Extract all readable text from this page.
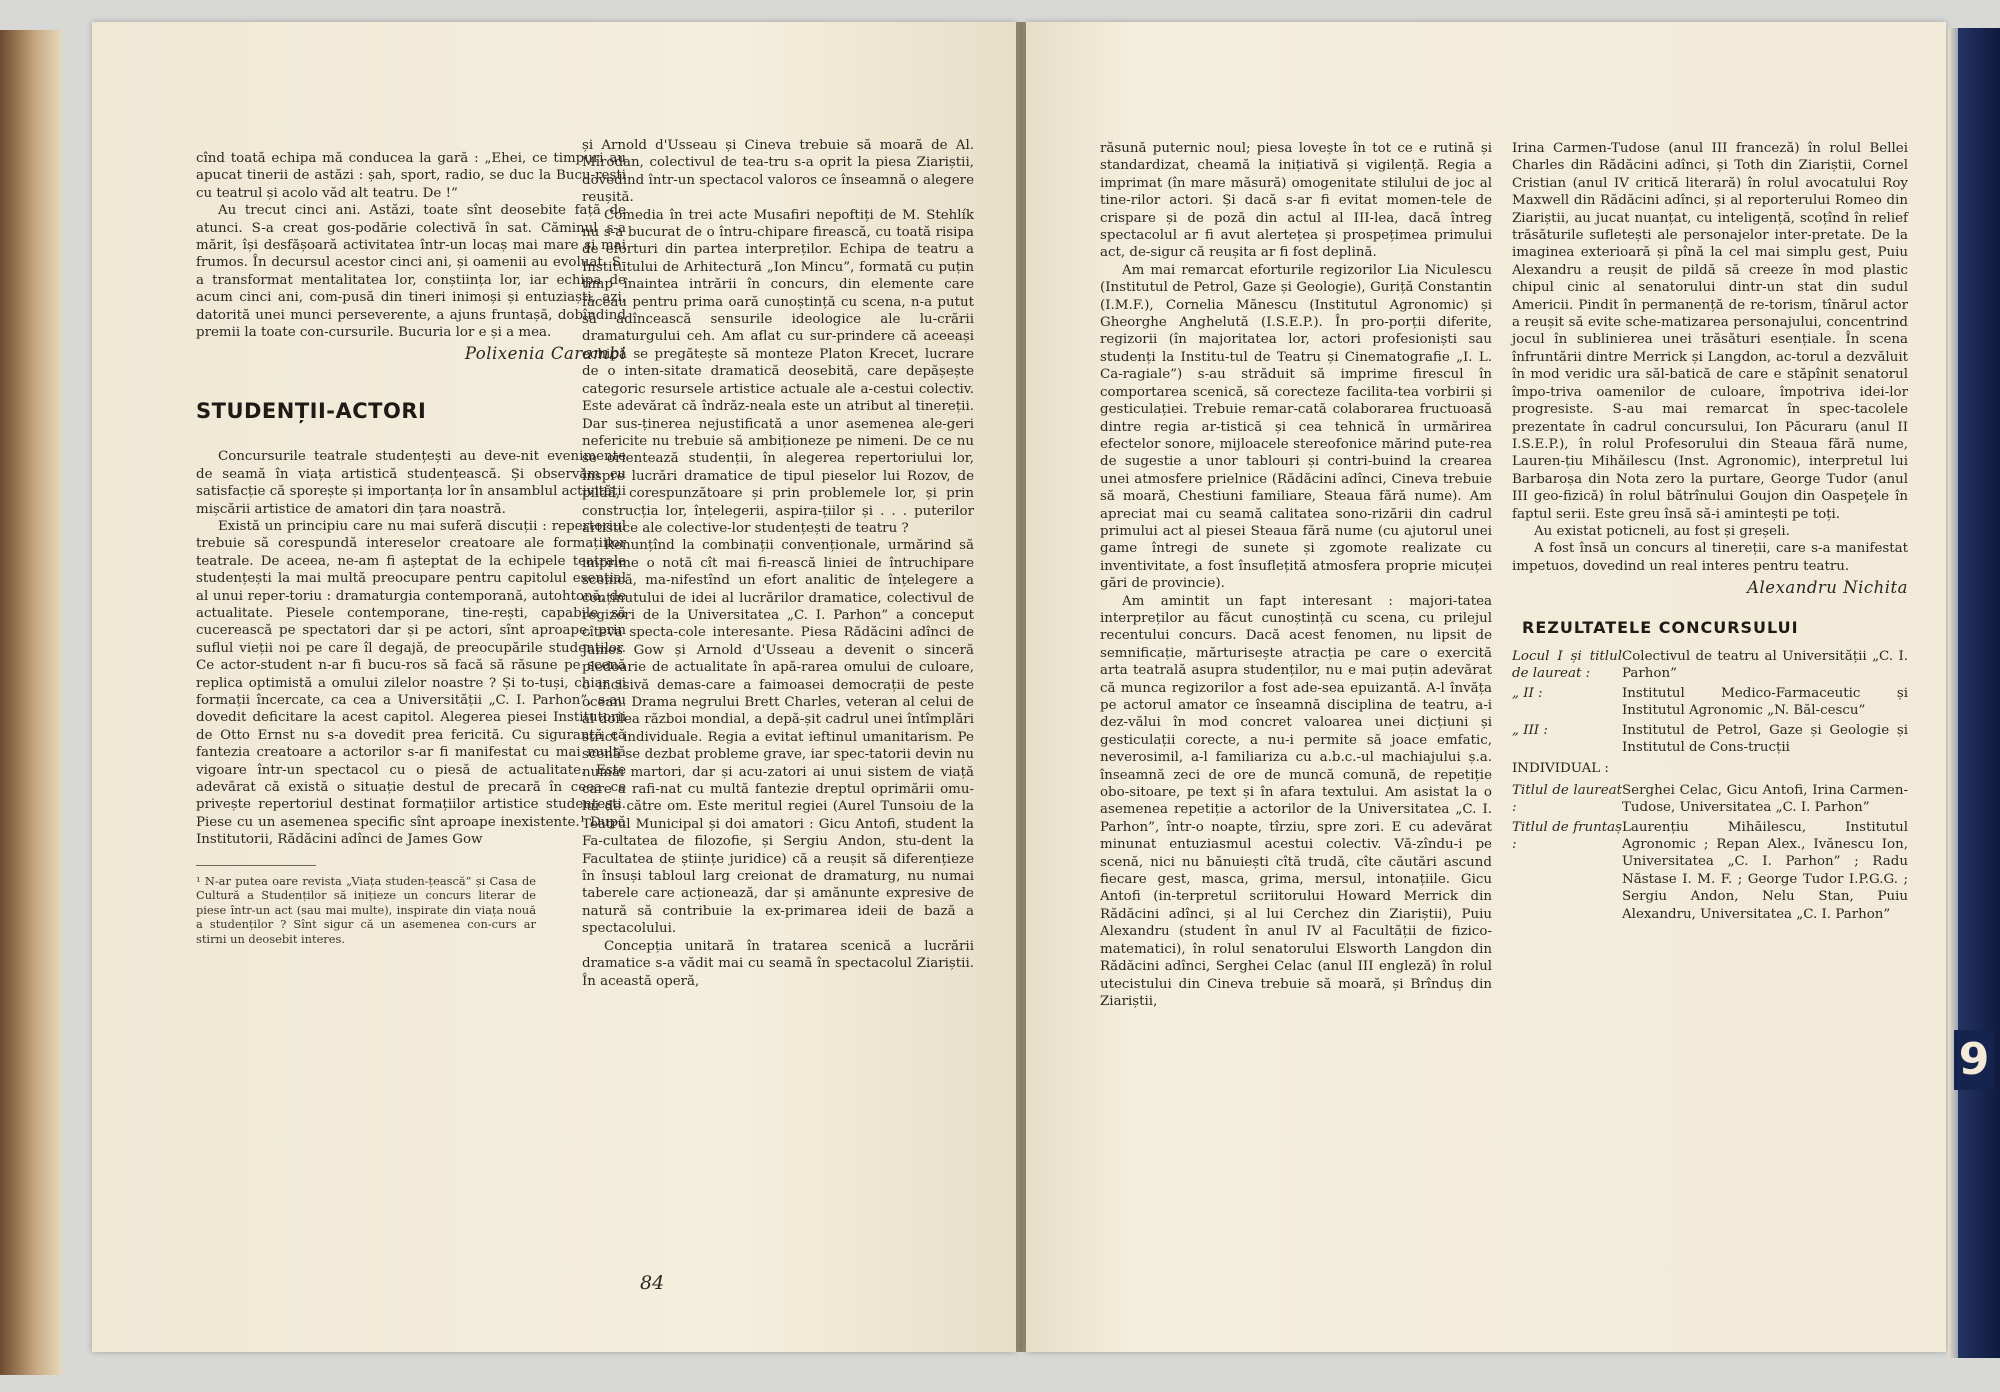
cînd toată echipa mă conducea la gară : „Ehei, ce timpuri au apucat tinerii de astăzi : șah, sport, radio, se duc la Bucu-rești cu teatrul și acolo văd alt teatru. De !”

Au trecut cinci ani. Astăzi, toate sînt deosebite față de atunci. S-a creat gos-podărie colectivă în sat. Căminul s-a mărit, își desfășoară activitatea într-un locaș mai mare și mai frumos. În decursul acestor cinci ani, și oamenii au evoluat. S-a transformat mentalitatea lor, conștiința lor, iar echipa de acum cinci ani, com-pusă din tineri inimoși și entuziaști, azi, datorită unei munci perseverente, a ajuns fruntașă, dobîndind premii la toate con-cursurile. Bucuria lor e și a mea.

Polixenia Carambi

STUDENȚII-ACTORI

Concursurile teatrale studențești au deve-nit evenimente de seamă în viața artistică studențească. Și observăm cu satisfacție că sporește și importanța lor în ansamblul activității mișcării artistice de amatori din țara noastră.

Există un principiu care nu mai suferă discuții : repertoriul trebuie să corespundă intereselor creatoare ale formațiilor teatrale. De aceea, ne-am fi așteptat de la echipele teatrale studențești la mai multă preocupare pentru capitolul esențial al unui reper-toriu : dramaturgia contemporană, autohtonă, de actualitate. Piesele contemporane, tine-rești, capabile să cucerească pe spectatori dar și pe actori, sînt aproape, prin suflul vieții noi pe care îl degajă, de preocupările studenților. Ce actor-student n-ar fi bucu-ros să facă să răsune pe scenă replica optimistă a omului zilelor noastre ? Și to-tuși, chiar și formații încercate, ca cea a Universității „C. I. Parhon”, s-au dovedit deficitare la acest capitol. Alegerea piesei Institutorii de Otto Ernst nu s-a dovedit prea fericită. Cu siguranță că fantezia creatoare a actorilor s-ar fi manifestat cu mai multă vigoare într-un spectacol cu o piesă de actualitate. Este adevărat că există o situație destul de precară în ceea ce privește repertoriul destinat formațiilor artistice studențești. Piese cu un asemenea specific sînt aproape inexistente.¹ După Institutorii, Rădăcini adînci de James Gow

¹ N-ar putea oare revista „Viața studen-țească” și Casa de Cultură a Studenților să inițieze un concurs literar de piese într-un act (sau mai multe), inspirate din viața nouă a studenților ? Sînt sigur că un asemenea con-curs ar stirni un deosebit interes.

și Arnold d'Usseau și Cineva trebuie să moară de Al. Mirodan, colectivul de tea-tru s-a oprit la piesa Ziariștii, dovedind într-un spectacol valoros ce înseamnă o alegere reușită.

Comedia în trei acte Musafiri nepoftiți de M. Stehlík nu s-a bucurat de o întru-chipare firească, cu toată risipa de eforturi din partea interpreților. Echipa de teatru a Institutului de Arhitectură „Ion Mincu”, formată cu puțin timp înaintea intrării în concurs, din elemente care făceau pentru prima oară cunoștință cu scena, n-a putut să adîncească sensurile ideologice ale lu-crării dramaturgului ceh. Am aflat cu sur-prindere că aceeași echipă se pregătește să monteze Platon Krecet, lucrare de o inten-sitate dramatică deosebită, care depășește categoric resursele artistice actuale ale a-cestui colectiv. Este adevărat că îndrăz-neala este un atribut al tinereții. Dar sus-ținerea nejustificată a unor asemenea ale-geri nefericite nu trebuie să ambiționeze pe nimeni. De ce nu se orientează studenții, în alegerea repertoriului lor, înspre lucrări dramatice de tipul pieselor lui Rozov, de pildă, corespunzătoare și prin problemele lor, și prin construcția lor, înțelegerii, aspira-țiilor și . . . puterilor artistice ale colective-lor studențești de teatru ?

Renunțînd la combinații convenționale, urmărind să imprime o notă cît mai fi-rească liniei de întruchipare scenică, ma-nifestînd un efort analitic de înțelegere a conținutului de idei al lucrărilor dramatice, colectivul de regizori de la Universitatea „C. I. Parhon” a conceput cîteva specta-cole interesante. Piesa Rădăcini adînci de James Gow și Arnold d'Usseau a devenit o sinceră pledoarie de actualitate în apă-rarea omului de culoare, o incisivă demas-care a faimoasei democrații de peste ocean. Drama negrului Brett Charles, veteran al celui de al doilea război mondial, a depă-șit cadrul unei întîmplări strict individuale. Regia a evitat ieftinul umanitarism. Pe scenă se dezbat probleme grave, iar spec-tatorii devin nu numai martori, dar și acu-zatori ai unui sistem de viață care a rafi-nat cu multă fantezie dreptul oprimării omu-lui de către om. Este meritul regiei (Aurel Tunsoiu de la Teatrul Municipal și doi amatori : Gicu Antofi, student la Fa-cultatea de filozofie, și Sergiu Andon, stu-dent la Facultatea de științe juridice) că a reușit să diferențieze în însuși tabloul larg creionat de dramaturg, nu numai taberele care acționează, dar și amănunte expresive de natură să contribuie la ex-primarea ideii de bază a spectacolului.

Concepția unitară în tratarea scenică a lucrării dramatice s-a vădit mai cu seamă în spectacolul Ziariștii. În această operă,

84

răsună puternic noul; piesa lovește în tot ce e rutină și standardizat, cheamă la inițiativă și vigilență. Regia a imprimat (în mare măsură) omogenitate stilului de joc al tine-rilor actori. Și dacă s-ar fi evitat momen-tele de crispare și de poză din actul al III-lea, dacă întreg spectacolul ar fi avut alertețea și prospețimea primului act, de-sigur că reușita ar fi fost deplină.

Am mai remarcat eforturile regizorilor Lia Niculescu (Institutul de Petrol, Gaze și Geologie), Guriță Constantin (I.M.F.), Cornelia Mănescu (Institutul Agronomic) și Gheorghe Anghelută (I.S.E.P.). În pro-porții diferite, regizorii (în majoritatea lor, actori profesioniști sau studenți la Institu-tul de Teatru și Cinematografie „I. L. Ca-ragiale”) s-au străduit să imprime firescul în comportarea scenică, să corecteze facilita-tea vorbirii și gesticulației. Trebuie remar-cată colaborarea fructuoasă dintre regia ar-tistică și cea tehnică în urmărirea efectelor sonore, mijloacele stereofonice mărind pute-rea de sugestie a unor tablouri și contri-buind la crearea unei atmosfere prielnice (Rădăcini adînci, Cineva trebuie să moară, Chestiuni familiare, Steaua fără nume). Am apreciat mai cu seamă calitatea sono-rizării din cadrul primului act al piesei Steaua fără nume (cu ajutorul unei game întregi de sunete și zgomote realizate cu inventivitate, a fost însuflețită atmosfera proprie micuței gări de provincie).

Am amintit un fapt interesant : majori-tatea interpreților au făcut cunoștință cu scena, cu prilejul recentului concurs. Dacă acest fenomen, nu lipsit de semnificație, mărturisește atracția pe care o exercită arta teatrală asupra studenților, nu e mai puțin adevărat că munca regizorilor a fost ade-sea epuizantă. A-l învăța pe actorul amator ce înseamnă disciplina de teatru, a-i dez-vălui în mod concret valoarea unei dicțiuni și gesticulații corecte, a nu-i permite să joace emfatic, neverosimil, a-l familiariza cu a.b.c.-ul machiajului ș.a. înseamnă zeci de ore de muncă comună, de repetiție obo-sitoare, pe text și în afara textului. Am asistat la o asemenea repetiție a actorilor de la Universitatea „C. I. Parhon”, într-o noapte, tîrziu, spre zori. E cu adevărat minunat entuziasmul acestui colectiv. Vă-zîndu-i pe scenă, nici nu bănuiești cîtă trudă, cîte căutări ascund fiecare gest, masca, grima, mersul, intonațiile. Gicu Antofi (in-terpretul scriitorului Howard Merrick din Rădăcini adînci, și al lui Cerchez din Ziariștii), Puiu Alexandru (student în anul IV al Facultății de fizico-matematici), în rolul senatorului Elsworth Langdon din Rădăcini adînci, Serghei Celac (anul III engleză) în rolul utecistului din Cineva trebuie să moară, și Brînduș din Ziariștii,

Irina Carmen-Tudose (anul III franceză) în rolul Bellei Charles din Rădăcini adînci, și Toth din Ziariștii, Cornel Cristian (anul IV critică literară) în rolul avocatului Roy Maxwell din Rădăcini adînci, și al reporterului Romeo din Ziariștii, au jucat nuanțat, cu inteligență, scoțînd în relief trăsăturile sufletești ale personajelor inter-pretate. De la imaginea exterioară și pînă la cel mai simplu gest, Puiu Alexandru a reușit de pildă să creeze în mod plastic chipul cinic al senatorului dintr-un stat din sudul Americii. Pindit în permanență de re-torism, tînărul actor a reușit să evite sche-matizarea personajului, concentrind jocul în sublinierea unei trăsături esențiale. În scena înfruntării dintre Merrick și Langdon, ac-torul a dezvăluit în mod veridic ura săl-batică de care e stăpînit senatorul împo-triva oamenilor de culoare, împotriva idei-lor progresiste. S-au mai remarcat în spec-tacolele prezentate în cadrul concursului, Ion Păcuraru (anul II I.S.E.P.), în rolul Profesorului din Steaua fără nume, Lauren-țiu Mihăilescu (Inst. Agronomic), interpretul lui Barbaroșa din Nota zero la purtare, George Tudor (anul III geo-fizică) în rolul bătrînului Goujon din Oaspeţele în faptul serii. Este greu însă să-i amintești pe toți.

Au existat poticneli, au fost și greșeli.

A fost însă un concurs al tinereții, care s-a manifestat impetuos, dovedind un real interes pentru teatru.

Alexandru Nichita

REZULTATELE CONCURSULUI
Locul I și titlul de laureat :
Colectivul de teatru al Universității „C. I. Parhon”
„ II :	Institutul Medico-Farmaceutic și Institutul Agronomic „N. Băl-cescu”
„ III :	Institutul de Petrol, Gaze și Geologie și Institutul de Cons-trucții
INDIVIDUAL :
Titlul de laureat :
Serghei Celac, Gicu Antofi, Irina Carmen-Tudose, Universitatea „C. I. Parhon”
Titlul de fruntaș :
Laurențiu Mihăilescu, Institutul Agronomic ; Repan Alex., Ivănescu Ion, Universitatea „C. I. Parhon” ; Radu Năstase I. M. F. ; George Tudor I.P.G.G. ; Sergiu Andon, Nelu Stan, Puiu Alexandru, Universitatea „C. I. Parhon”
9
